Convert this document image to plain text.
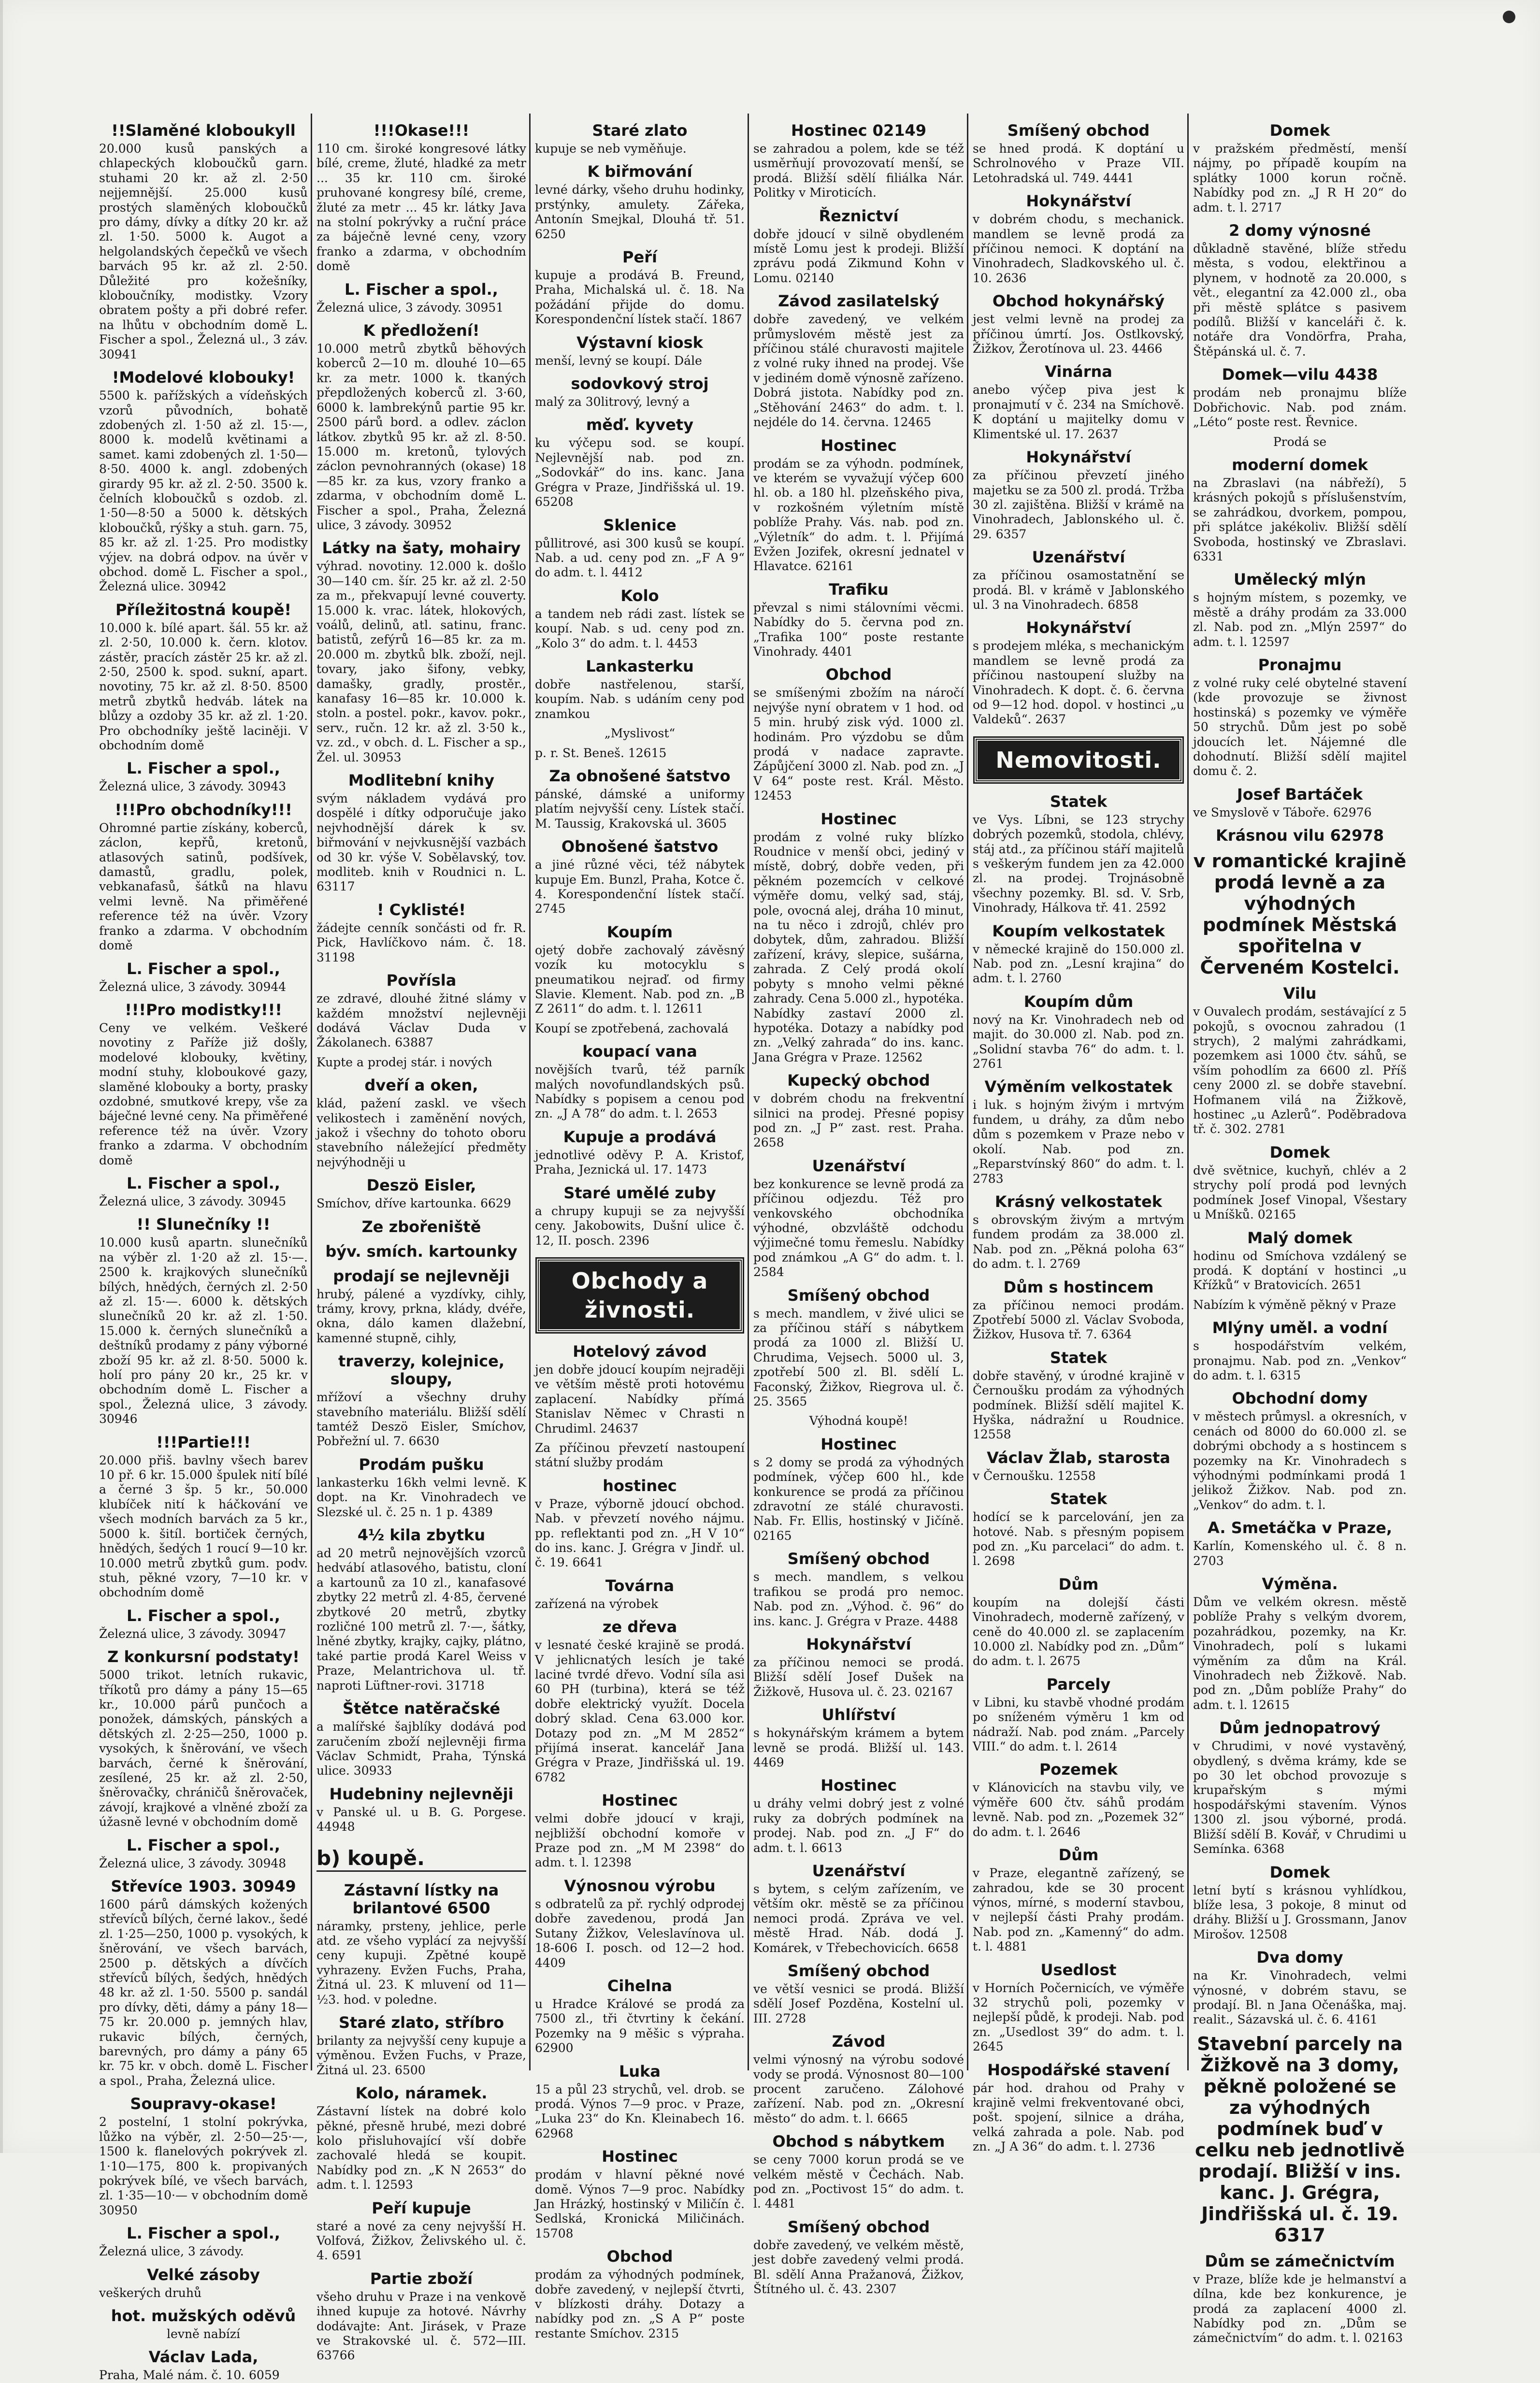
!!Slaměné kloboukyll

20.000 kusů panských a chlapeckých kloboučků garn. stuhami 20 kr. až zl. 2·50 nejjemnější. 25.000 kusů prostých slaměných kloboučků pro dámy, dívky a dítky 20 kr. až zl. 1·50. 5000 k. Augot a helgolandských čepečků ve všech barvách 95 kr. až zl. 2·50. Důležité pro kožešníky, kloboučníky, modistky. Vzory obratem pošty a při dobré refer. na lhůtu v obchodním domě L. Fischer a spol., Železná ul., 3 záv. 30941

!Modelové klobouky!

5500 k. pařížských a vídeňských vzorů původních, bohatě zdobených zl. 1·50 až zl. 15·—, 8000 k. modelů květinami a samet. kami zdobených zl. 1·50—8·50. 4000 k. angl. zdobených girardy 95 kr. až zl. 2·50. 3500 k. čelních kloboučků s ozdob. zl. 1·50—8·50 a 5000 k. dětských kloboučků, rýšky a stuh. garn. 75, 85 kr. až zl. 1·25. Pro modistky výjev. na dobrá odpov. na úvěr v obchod. domě L. Fischer a spol., Železná ulice. 30942

Příležitostná koupě!

10.000 k. bílé apart. šál. 55 kr. až zl. 2·50, 10.000 k. čern. klotov. zástěr, pracích zástěr 25 kr. až zl. 2·50, 2500 k. spod. sukní, apart. novotiny, 75 kr. až zl. 8·50. 8500 metrů zbytků hedváb. látek na blůzy a ozdoby 35 kr. až zl. 1·20. Pro obchodníky ještě laciněji. V obchodním domě

L. Fischer a spol.,

Železná ulice, 3 závody. 30943

!!!Pro obchodníky!!!

Ohromné partie získány, koberců, záclon, kepřů, kretonů, atlasových satinů, podšívek, damastů, gradlu, polek, vebkanafasů, šátků na hlavu velmi levně. Na přiměřené reference též na úvěr. Vzory franko a zdarma. V obchodním domě

L. Fischer a spol.,

Železná ulice, 3 závody. 30944

!!!Pro modistky!!!

Ceny ve velkém. Veškeré novotiny z Paříže již došly, modelové klobouky, květiny, modní stuhy, kloboukové gazy, slaměné klobouky a borty, prasky ozdobné, smutkové krepy, vše za báječné levné ceny. Na přiměřené reference též na úvěr. Vzory franko a zdarma. V obchodním domě

L. Fischer a spol.,

Železná ulice, 3 závody. 30945

!! Slunečníky !!

10.000 kusů apartn. slunečníků na výběr zl. 1·20 až zl. 15·—. 2500 k. krajkových slunečníků bílých, hnědých, černých zl. 2·50 až zl. 15·—. 6000 k. dětských slunečníků 20 kr. až zl. 1·50. 15.000 k. černých slunečníků a deštníků prodamy z pány výborné zboží 95 kr. až zl. 8·50. 5000 k. holí pro pány 20 kr., 25 kr. v obchodním domě L. Fischer a spol., Železná ulice, 3 závody. 30946

!!!Partie!!!

20.000 přiš. bavlny všech barev 10 př. 6 kr. 15.000 špulek nití bílé a černé 3 šp. 5 kr., 50.000 klubíček nití k háčkování ve všech modních barvách za 5 kr., 5000 k. šitíl. bortiček černých, hnědých, šedých 1 roucí 9—10 kr. 10.000 metrů zbytků gum. podv. stuh, pěkné vzory, 7—10 kr. v obchodním domě

L. Fischer a spol.,

Železná ulice, 3 závody. 30947

Z konkursní podstaty!

5000 trikot. letních rukavic, tříkotů pro dámy a pány 15—65 kr., 10.000 párů punčoch a ponožek, dámských, pánských a dětských zl. 2·25—250, 1000 p. vysokých, k šněrování, ve všech barvách, černé k šněrování, zesílené, 25 kr. až zl. 2·50, šněrovačky, chráničů šněrovaček, závojí, krajkové a vlněné zboží za úžasně levné v obchodním domě

L. Fischer a spol.,

Železná ulice, 3 závody. 30948

Střevíce 1903. 30949

1600 párů dámských kožených střevíců bílých, černé lakov., šedé zl. 1·25—250, 1000 p. vysokých, k šněrování, ve všech barvách, 2500 p. dětských a dívčích střevíců bílých, šedých, hnědých 48 kr. až zl. 1·50. 5500 p. sandál pro dívky, děti, dámy a pány 18—75 kr. 20.000 p. jemných hlav, rukavic bílých, černých, barevných, pro dámy a pány 65 kr. 75 kr. v obch. domě L. Fischer a spol., Praha, Železná ulice.

Soupravy-okase!

2 postelní, 1 stolní pokrývka, lůžko na výběr, zl. 2·50—25·—, 1500 k. flanelových pokrývek zl. 1·10—175, 800 k. propivaných pokrývek bílé, ve všech barvách, zl. 1·35—10·— v obchodním domě 30950

L. Fischer a spol.,

Železná ulice, 3 závody.

Velké zásoby

veškerých druhů

hot. mužských oděvů

levně nabízí

Václav Lada,

Praha, Malé nám. č. 10. 6059

!!!Okase!!!

110 cm. široké kongresové látky bílé, creme, žluté, hladké za metr ... 35 kr. 110 cm. široké pruhované kongresy bílé, creme, žluté za metr ... 45 kr. látky Java na stolní pokrývky a ruční práce za báječně levné ceny, vzory franko a zdarma, v obchodním domě

L. Fischer a spol.,

Železná ulice, 3 závody. 30951

K předložení!

10.000 metrů zbytků běhových koberců 2—10 m. dlouhé 10—65 kr. za metr. 1000 k. tkaných přepdložených koberců zl. 3·60, 6000 k. lambrekýnů partie 95 kr. 2500 párů bord. a odlev. záclon látkov. zbytků 95 kr. až zl. 8·50. 15.000 m. kretonů, tylových záclon pevnohranných (okase) 18—85 kr. za kus, vzory franko a zdarma, v obchodním domě L. Fischer a spol., Praha, Železná ulice, 3 závody. 30952

Látky na šaty, mohairy

výhrad. novotiny. 12.000 k. došlo 30—140 cm. šír. 25 kr. až zl. 2·50 za m., překvapují levné couverty. 15.000 k. vrac. látek, hlokových, voálů, delinů, atl. satinu, franc. batistů, zefýrů 16—85 kr. za m. 20.000 m. zbytků blk. zboží, nejl. tovary, jako šifony, vebky, damašky, gradly, prostěr., kanafasy 16—85 kr. 10.000 k. stoln. a postel. pokr., kavov. pokr., serv., ručn. 12 kr. až zl. 3·50 k., vz. zd., v obch. d. L. Fischer a sp., Žel. ul. 30953

Modlitební knihy

svým nákladem vydává pro dospělé i dítky odporučuje jako nejvhodnější dárek k sv. biřmování v nejvkusnější vazbách od 30 kr. výše V. Sobělavský, tov. modliteb. knih v Roudnici n. L. 63117

! Cyklisté!

žádejte cenník sončásti od fr. R. Pick, Havlíčkovo nám. č. 18. 31198

Povřísla

ze zdravé, dlouhé žitné slámy v každém množství nejlevněji dodává Václav Duda v Žákolanech. 63887

Kupte a prodej stár. i nových

dveří a oken,

klád, pažení zaskl. ve všech velikostech i zaměnění nových, jakož i všechny do tohoto oboru stavebního náležející předměty nejvýhodněji u

Deszö Eisler,

Smíchov, dříve kartounka. 6629

Ze zbořeniště

býv. smích. kartounky

prodají se nejlevněji

hrubý, pálené a vyzdívky, cihly, trámy, krovy, prkna, klády, dvéře, okna, dálo kamen dlažební, kamenné stupně, cihly,

traverzy, kolejnice, sloupy,

mřížoví a všechny druhy stavebního materiálu. Bližší sdělí tamtéž Deszö Eisler, Smíchov, Pobřežní ul. 7. 6630

Prodám pušku

lankasterku 16kh velmi levně. K dopt. na Kr. Vinohradech ve Slezské ul. č. 25 n. 1 p. 4389

4½ kila zbytku

ad 20 metrů nejnovějších vzorců hedvábí atlasového, batistu, cloní a kartounů za 10 zl., kanafasové zbytky 22 metrů zl. 4·85, červené zbytkové 20 metrů, zbytky rozličné 100 metrů zl. 7·—, šátky, lněné zbytky, krajky, cajky, plátno, také partie prodá Karel Weiss v Praze, Melantrichova ul. tř. naproti Lüftner-rovi. 31718

Štětce natěračské

a malířské šajblíky dodává pod zaručením zboží nejlevněji firma Václav Schmidt, Praha, Týnská ulice. 30933

Hudebniny nejlevněji

v Panské ul. u B. G. Porgese. 44948

b) koupě.

Zástavní lístky na brilantové 6500

náramky, prsteny, jehlice, perle atd. ze všeho vyplácí za nejvyšší ceny kupuji. Zpětné koupě vyhrazeny. Evžen Fuchs, Praha, Žitná ul. 23. K mluvení od 11—½3. hod. v poledne.

Staré zlato, stříbro

brilanty za nejvyšší ceny kupuje a výměnou. Evžen Fuchs, v Praze, Žitná ul. 23. 6500

Kolo, náramek.

Zástavní lístek na dobré kolo pěkné, přesně hrubé, mezi dobré kolo přisluhovající vší dobře zachovalé hledá se koupit. Nabídky pod zn. „K N 2653“ do adm. t. l. 12593

Peří kupuje

staré a nové za ceny nejvyšší H. Volfová, Žižkov, Želivského ul. č. 4. 6591

Partie zboží

všeho druhu v Praze i na venkově ihned kupuje za hotové. Návrhy dodávajte: Ant. Jirásek, v Praze ve Strakovské ul. č. 572—III. 63766

Staré zlato

kupuje se neb vyměňuje.

K biřmování

levné dárky, všeho druhu hodinky, prstýnky, amulety. Zářeka, Antonín Smejkal, Dlouhá tř. 51. 6250

Peří

kupuje a prodává B. Freund, Praha, Michalská ul. č. 18. Na požádání přijde do domu. Korespondenční lístek stačí. 1867

Výstavní kiosk

menší, levný se koupí. Dále

sodovkový stroj

malý za 30litrový, levný a

měď. kyvety

ku výčepu sod. se koupí. Nejlevnější nab. pod zn. „Sodovkář“ do ins. kanc. Jana Grégra v Praze, Jindřišská ul. 19. 65208

Sklenice

půllitrové, asi 300 kusů se koupí. Nab. a ud. ceny pod zn. „F A 9“ do adm. t. l. 4412

Kolo

a tandem neb rádi zast. lístek se koupí. Nab. s ud. ceny pod zn. „Kolo 3“ do adm. t. l. 4453

Lankasterku

dobře nastřelenou, starší, koupím. Nab. s udáním ceny pod znamkou

„Myslivost“

p. r. St. Beneš. 12615

Za obnošené šatstvo

pánské, dámské a uniformy platím nejvyšší ceny. Lístek stačí. M. Taussig, Krakovská ul. 3605

Obnošené šatstvo

a jiné různé věci, též nábytek kupuje Em. Bunzl, Praha, Kotce č. 4. Korespondenční lístek stačí. 2745

Koupím

ojetý dobře zachovalý závěsný vozík ku motocyklu s pneumatikou nejraď. od firmy Slavie. Klement. Nab. pod zn. „B Z 2611“ do adm. t. l. 12611

Koupí se zpotřebená, zachovalá

koupací vana

novějších tvarů, též parník malých novofundlandských psů. Nabídky s popisem a cenou pod zn. „J A 78“ do adm. t. l. 2653

Kupuje a prodává

jednotlivé oděvy P. A. Kristof, Praha, Jeznická ul. 17. 1473

Staré umělé zuby

a chrupy kupuji se za nejvyšší ceny. Jakobowits, Dušní ulice č. 12, II. posch. 2396

Obchody a živnosti.

Hotelový závod

jen dobře jdoucí koupím nejraději ve větším městě proti hotovému zaplacení. Nabídky přímá Stanislav Němec v Chrasti n Chrudiml. 24637

Za příčinou převzetí nastoupení státní služby prodám

hostinec

v Praze, výborně jdoucí obchod. Nab. v převzetí nového nájmu. pp. reflektanti pod zn. „H V 10“ do ins. kanc. J. Grégra v Jindř. ul. č. 19. 6641

Továrna

zařízená na výrobek

ze dřeva

v lesnaté české krajině se prodá. V jehlicnatých lesích je také laciné tvrdé dřevo. Vodní síla asi 60 PH (turbina), která se též dobře elektrický využít. Docela dobrý sklad. Cena 63.000 kor. Dotazy pod zn. „M M 2852“ přijímá inserat. kancelář Jana Grégra v Praze, Jindřišská ul. 19. 6782

Hostinec

velmi dobře jdoucí v kraji, nejbližší obchodní komoře v Praze pod zn. „M M 2398“ do adm. t. l. 12398

Výnosnou výrobu

s odbratelů za př. rychlý odprodej dobře zavedenou, prodá Jan Sutany Žižkov, Veleslavínova ul. 18-606 I. posch. od 12—2 hod. 4409

Cihelna

u Hradce Králové se prodá za 7500 zl., tři čtvrtiny k čekání. Pozemky na 9 měšic s výpraha. 62900

Luka

15 a půl 23 strychů, vel. drob. se prodá. Výnos 7—9 proc. v Praze, „Luka 23“ do Kn. Kleinabech 16. 62968

Hostinec

prodám v hlavní pěkné nové domě. Výnos 7—9 proc. Nabídky Jan Hrázký, hostinský v Miličín č. Sedlská, Kronická Miličinách. 15708

Obchod

prodám za výhodných podmínek, dobře zavedený, v nejlepší čtvrti, v blízkosti dráhy. Dotazy a nabídky pod zn. „S A P“ poste restante Smíchov. 2315

Hostinec 02149

se zahradou a polem, kde se též usměrňují provozovatí menší, se prodá. Bližší sdělí filiálka Nár. Politky v Miroticích.

Řeznictví

dobře jdoucí v silně obydleném místě Lomu jest k prodeji. Bližší zprávu podá Zikmund Kohn v Lomu. 02140

Závod zasilatelský

dobře zavedený, ve velkém průmyslovém městě jest za příčinou stálé churavosti majitele z volné ruky ihned na prodej. Vše v jediném domě výnosně zařízeno. Dobrá jistota. Nabídky pod zn. „Stěhování 2463“ do adm. t. l. nejdéle do 14. června. 12465

Hostinec

prodám se za výhodn. podmínek, ve kterém se vyvažují výčep 600 hl. ob. a 180 hl. plzeňského piva, v rozkošném výletním místě poblíže Prahy. Vás. nab. pod zn. „Výletník“ do adm. t. l. Přijímá Evžen Jozifek, okresní jednatel v Hlavatce. 62161

Trafiku

převzal s nimi stálovními věcmi. Nabídky do 5. června pod zn. „Trafika 100“ poste restante Vinohrady. 4401

Obchod

se smíšenými zbožím na náročí nejvýše nyní obratem v 1 hod. od 5 min. hrubý zisk výd. 1000 zl. hodinám. Pro výzdobu se dům prodá v nadace zapravte. Zápůjčení 3000 zl. Nab. pod zn. „J V 64“ poste rest. Král. Město. 12453

Hostinec

prodám z volné ruky blízko Roudnice v menší obci, jediný v místě, dobrý, dobře veden, při pěkném pozemcích v celkové výměře domu, velký sad, stáj, pole, ovocná alej, dráha 10 minut, na tu něco i zdrojů, chlév pro dobytek, dům, zahradou. Bližší zařízení, krávy, slepice, sušárna, zahrada. Z Celý prodá okolí pobyty s mnoho velmi pěkné zahrady. Cena 5.000 zl., hypotéka. Nabídky zastaví 2000 zl. hypotéka. Dotazy a nabídky pod zn. „Velký zahrada“ do ins. kanc. Jana Grégra v Praze. 12562

Kupecký obchod

v dobrém chodu na frekventní silnici na prodej. Přesné popisy pod zn. „J P“ zast. rest. Praha. 2658

Uzenářství

bez konkurence se levně prodá za příčinou odjezdu. Též pro venkovského obchodníka výhodné, obzvláště odchodu výjimečné tomu řemeslu. Nabídky pod známkou „A G“ do adm. t. l. 2584

Smíšený obchod

s mech. mandlem, v živé ulici se za příčinou stáří s nábytkem prodá za 1000 zl. Bližší U. Chrudima, Vejsech. 5000 ul. 3, zpotřebí 500 zl. Bl. sdělí L. Faconský, Žižkov, Riegrova ul. č. 25. 3565

Výhodná koupě!

Hostinec

s 2 domy se prodá za výhodných podmínek, výčep 600 hl., kde konkurence se prodá za příčinou zdravotní ze stálé churavosti. Nab. Fr. Ellis, hostinský v Jičíně. 02165

Smíšený obchod

s mech. mandlem, s velkou trafikou se prodá pro nemoc. Nab. pod zn. „Výhod. č. 96“ do ins. kanc. J. Grégra v Praze. 4488

Hokynářství

za příčinou nemoci se prodá. Bližší sdělí Josef Dušek na Žižkově, Husova ul. č. 23. 02167

Uhlířství

s hokynářským krámem a bytem levně se prodá. Bližší ul. 143. 4469

Hostinec

u dráhy velmi dobrý jest z volné ruky za dobrých podmínek na prodej. Nab. pod zn. „J F“ do adm. t. l. 6613

Uzenářství

s bytem, s celým zařízením, ve větším okr. městě se za příčinou nemoci prodá. Zpráva ve vel. městě Hrad. Náb. dodá J. Komárek, v Třebechovicích. 6658

Smíšený obchod

ve větší vesnici se prodá. Bližší sdělí Josef Pozděna, Kostelní ul. III. 2728

Závod

velmi výnosný na výrobu sodové vody se prodá. Výnosnost 80—100 procent zaručeno. Zálohové zařízení. Nab. pod zn. „Okresní město“ do adm. t. l. 6665

Obchod s nábytkem

se ceny 7000 korun prodá se ve velkém městě v Čechách. Nab. pod zn. „Poctivost 15“ do adm. t. l. 4481

Smíšený obchod

dobře zavedený, ve velkém městě, jest dobře zavedený velmi prodá. Bl. sdělí Anna Pražanová, Žižkov, Štítného ul. č. 43. 2307

Smíšený obchod

se hned prodá. K doptání u Schrolnového v Praze VII. Letohradská ul. 749. 4441

Hokynářství

v dobrém chodu, s mechanick. mandlem se levně prodá za příčinou nemoci. K doptání na Vinohradech, Sladkovského ul. č. 10. 2636

Obchod hokynářský

jest velmi levně na prodej za příčinou úmrtí. Jos. Ostlkovský, Žižkov, Žerotínova ul. 23. 4466

Vinárna

anebo výčep piva jest k pronajmutí v č. 234 na Smíchově. K doptání u majitelky domu v Klimentské ul. 17. 2637

Hokynářství

za příčinou převzetí jiného majetku se za 500 zl. prodá. Tržba 30 zl. zajištěna. Bližší v krámě na Vinohradech, Jablonského ul. č. 29. 6357

Uzenářství

za příčinou osamostatnění se prodá. Bl. v krámě v Jablonského ul. 3 na Vinohradech. 6858

Hokynářství

s prodejem mléka, s mechanickým mandlem se levně prodá za příčinou nastoupení služby na Vinohradech. K dopt. č. 6. června od 9—12 hod. dopol. v hostinci „u Valdeků“. 2637

Nemovitosti.

Statek

ve Vys. Líbni, se 123 strychy dobrých pozemků, stodola, chlévy, stáj atd., za příčinou stáří majitelů s veškerým fundem jen za 42.000 zl. na prodej. Trojnásobně všechny pozemky. Bl. sd. V. Srb, Vinohrady, Hálkova tř. 41. 2592

Koupím velkostatek

v německé krajině do 150.000 zl. Nab. pod zn. „Lesní krajina“ do adm. t. l. 2760

Koupím dům

nový na Kr. Vinohradech neb od majit. do 30.000 zl. Nab. pod zn. „Solidní stavba 76“ do adm. t. l. 2761

Výměním velkostatek

i luk. s hojným živým i mrtvým fundem, u dráhy, za dům nebo dům s pozemkem v Praze nebo v okolí. Nab. pod zn. „Reparstvínský 860“ do adm. t. l. 2783

Krásný velkostatek

s obrovským živým a mrtvým fundem prodám za 38.000 zl. Nab. pod zn. „Pěkná poloha 63“ do adm. t. l. 2769

Dům s hostincem

za příčinou nemoci prodám. Zpotřebí 5000 zl. Václav Svoboda, Žižkov, Husova tř. 7. 6364

Statek

dobře stavěný, v úrodné krajině v Černoušku prodám za výhodných podmínek. Bližší sdělí majitel K. Hyška, nádražní u Roudnice. 12558

Václav Žlab, starosta

v Černoušku. 12558

Statek

hodící se k parcelování, jen za hotové. Nab. s přesným popisem pod zn. „Ku parcelaci“ do adm. t. l. 2698

Dům

koupím na dolejší části Vinohradech, moderně zařízený, v ceně do 40.000 zl. se zaplacením 10.000 zl. Nabídky pod zn. „Dům“ do adm. t. l. 2675

Parcely

v Libni, ku stavbě vhodné prodám po sníženém výměru 1 km od nádraží. Nab. pod znám. „Parcely VIII.“ do adm. t. l. 2614

Pozemek

v Klánovicích na stavbu vily, ve výměře 600 čtv. sáhů prodám levně. Nab. pod zn. „Pozemek 32“ do adm. t. l. 2646

Dům

v Praze, elegantně zařízený, se zahradou, kde se 30 procent výnos, mírné, s moderní stavbou, v nejlepší části Prahy prodám. Nab. pod zn. „Kamenný“ do adm. t. l. 4881

Usedlost

v Horních Počernicích, ve výměře 32 strychů poli, pozemky v nejlepší půdě, k prodeji. Nab. pod zn. „Usedlost 39“ do adm. t. l. 2645

Hospodářské stavení

pár hod. drahou od Prahy v krajině velmi frekventované obci, pošt. spojení, silnice a dráha, velká zahrada a pole. Nab. pod zn. „J A 36“ do adm. t. l. 2736

Domek

v pražském předměstí, menší nájmy, po případě koupím na splátky 1000 korun ročně. Nabídky pod zn. „J R H 20“ do adm. t. l. 2717

2 domy výnosné

důkladně stavěné, blíže středu města, s vodou, elektřinou a plynem, v hodnotě za 20.000, s vět., elegantní za 42.000 zl., oba při městě splátce s pasivem podílů. Bližší v kanceláři č. k. notáře dra Vondörfra, Praha, Štěpánská ul. č. 7.

Domek—vilu 4438

prodám neb pronajmu blíže Dobřichovic. Nab. pod znám. „Léto“ poste rest. Řevnice.

Prodá se

moderní domek

na Zbraslavi (na nábřeží), 5 krásných pokojů s příslušenstvím, se zahrádkou, dvorkem, pompou, při splátce jakékoliv. Bližší sdělí Svoboda, hostinský ve Zbraslavi. 6331

Umělecký mlýn

s hojným místem, s pozemky, ve městě a dráhy prodám za 33.000 zl. Nab. pod zn. „Mlýn 2597“ do adm. t. l. 12597

Pronajmu

z volné ruky celé obytelné stavení (kde provozuje se živnost hostinská) s pozemky ve výměře 50 strychů. Dům jest po sobě jdoucích let. Nájemné dle dohodnutí. Bližší sdělí majitel domu č. 2.

Josef Bartáček

ve Smyslově v Táboře. 62976

Krásnou vilu 62978

v romantické krajině prodá levně a za výhodných podmínek Městská spořitelna v Červeném Kostelci.

Vilu

v Ouvalech prodám, sestávající z 5 pokojů, s ovocnou zahradou (1 strych), 2 malými zahrádkami, pozemkem asi 1000 čtv. sáhů, se vším pohodlím za 6600 zl. Příš ceny 2000 zl. se dobře stavební. Hofmanem vilá na Žižkově, hostinec „u Azlerů“. Poděbradova tř. č. 302. 2781

Domek

dvě světnice, kuchyň, chlév a 2 strychy polí prodá pod levných podmínek Josef Vinopal, Všestary u Mníšků. 02165

Malý domek

hodinu od Smíchova vzdálený se prodá. K doptání v hostinci „u Křížků“ v Bratovicích. 2651

Nabízím k výměně pěkný v Praze

Mlýny uměl. a vodní

s hospodářstvím velkém, pronajmu. Nab. pod zn. „Venkov“ do adm. t. l. 6315

Obchodní domy

v městech průmysl. a okresních, v cenách od 8000 do 60.000 zl. se dobrými obchody a s hostincem s pozemky na Kr. Vinohradech s výhodnými podmínkami prodá 1 jelikož Žižkov. Nab. pod zn. „Venkov“ do adm. t. l.

A. Smetáčka v Praze,

Karlín, Komenského ul. č. 8 n. 2703

Výměna.

Dům ve velkém okresn. městě poblíže Prahy s velkým dvorem, pozahrádkou, pozemky, na Kr. Vinohradech, polí s lukami výměním za dům na Král. Vinohradech neb Žižkově. Nab. pod zn. „Dům poblíže Prahy“ do adm. t. l. 12615

Dům jednopatrový

v Chrudimi, v nové vystavěný, obydlený, s dvěma krámy, kde se po 30 let obchod provozuje s krupařským s mými hospodářskými stavením. Výnos 1300 zl. jsou výborné, prodá. Bližší sdělí B. Kovář, v Chrudimi u Semínka. 6368

Domek

letní bytí s krásnou vyhlídkou, blíže lesa, 3 pokoje, 8 minut od dráhy. Bližší u J. Grossmann, Janov Mirošov. 12508

Dva domy

na Kr. Vinohradech, velmi výnosné, v dobrém stavu, se prodají. Bl. n Jana Očenáška, maj. realit., Sázavská ul. č. 6. 4161

Stavební parcely na Žižkově na 3 domy, pěkně položené se za výhodných podmínek buď v celku neb jednotlivě prodají. Bližší v ins. kanc. J. Grégra, Jindřišská ul. č. 19. 6317

Dům se zámečnictvím

v Praze, blíže kde je helmanství a dílna, kde bez konkurence, je prodá za zaplacení 4000 zl. Nabídky pod zn. „Dům se zámečnictvím“ do adm. t. l. 02163
